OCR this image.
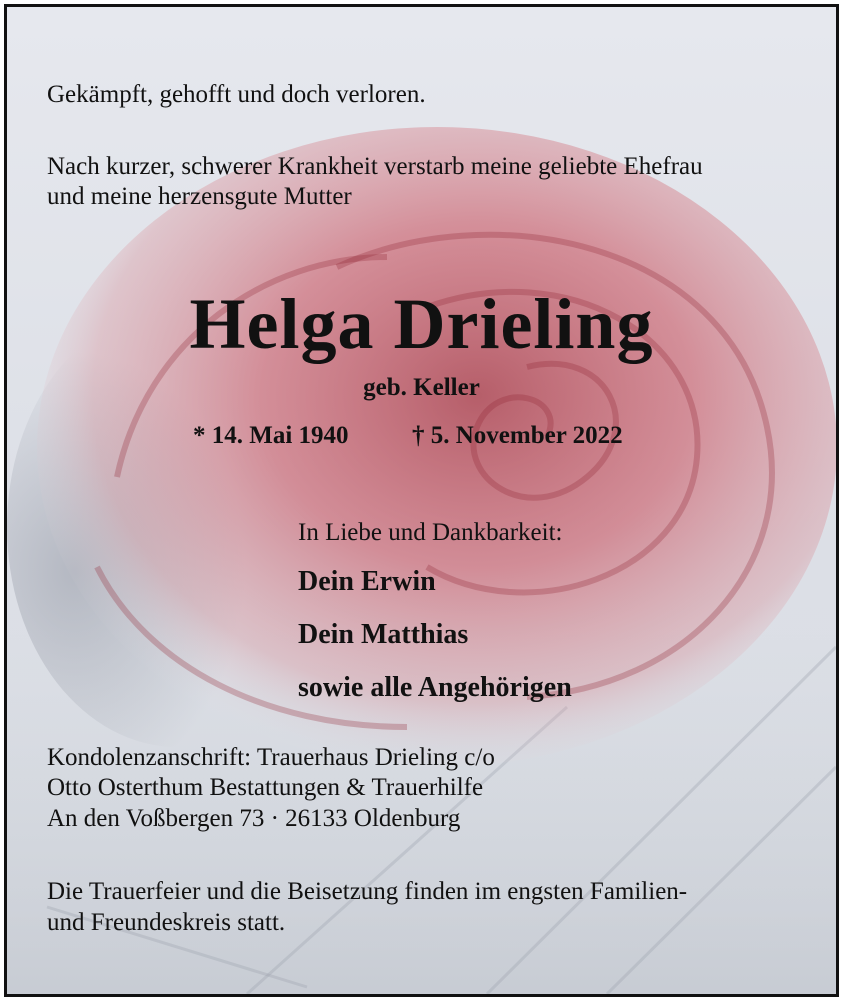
Gekämpft, gehofft und doch verloren.
Nach kurzer, schwerer Krankheit verstarb meine geliebte Ehefrau
und meine herzensgute Mutter
Helga Drieling
geb. Keller
* 14. Mai 1940	† 5. November 2022
In Liebe und Dankbarkeit:
Dein Erwin
Dein Matthias
sowie alle Angehörigen
Kondolenzanschrift: Trauerhaus Drieling c/o
Otto Osterthum Bestattungen & Trauerhilfe
An den Voßbergen 73 · 26133 Oldenburg
Die Trauerfeier und die Beisetzung finden im engsten Familien-
und Freundeskreis statt.
